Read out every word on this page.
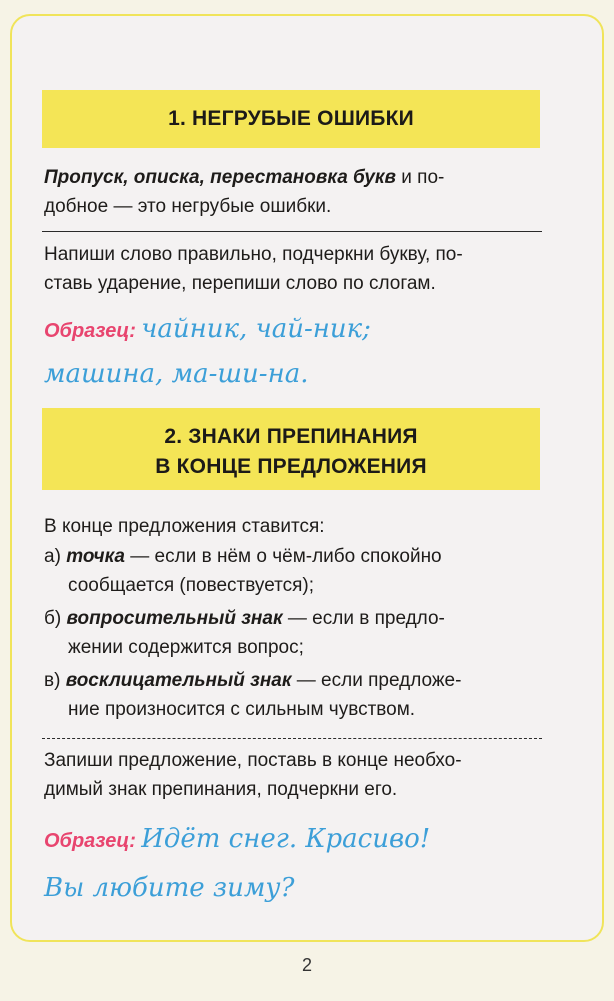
1. НЕГРУБЫЕ ОШИБКИ
Пропуск, описка, перестановка букв и по-
добное — это негрубые ошибки.
Напиши слово правильно, подчеркни букву, по-
ставь ударение, перепиши слово по слогам.
Образец: чайник, чай-ник;
машина, ма-ши-на.
2. ЗНАКИ ПРЕПИНАНИЯ
В КОНЦЕ ПРЕДЛОЖЕНИЯ
В конце предложения ставится:
а) точка — если в нём о чём-либо спокойно
сообщается (повествуется);
б) вопросительный знак — если в предло-
жении содержится вопрос;
в) восклицательный знак — если предложе-
ние произносится с сильным чувством.
Запиши предложение, поставь в конце необхо-
димый знак препинания, подчеркни его.
Образец: Идёт снег. Красиво!
Вы любите зиму?
2
